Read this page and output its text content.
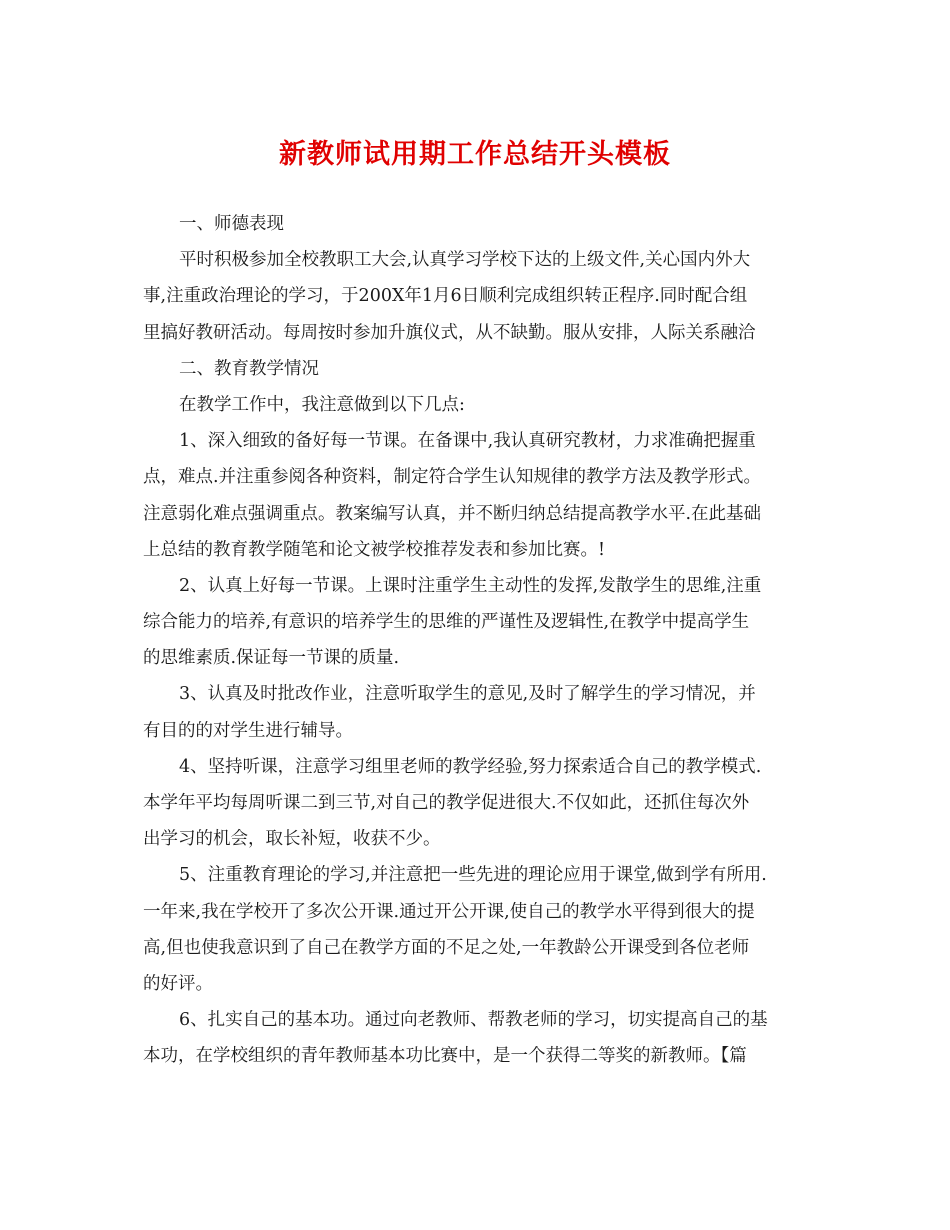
新教师试用期工作总结开头模板
一、师德表现
平时积极参加全校教职工大会,认真学习学校下达的上级文件,关心国内外大
事,注重政治理论的学习，于200X年1月6日顺利完成组织转正程序.同时配合组
里搞好教研活动。每周按时参加升旗仪式，从不缺勤。服从安排，人际关系融洽
二、教育教学情况
在教学工作中，我注意做到以下几点:
1、深入细致的备好每一节课。在备课中,我认真研究教材，力求准确把握重
点，难点.并注重参阅各种资料，制定符合学生认知规律的教学方法及教学形式。
注意弱化难点强调重点。教案编写认真，并不断归纳总结提高教学水平.在此基础
上总结的教育教学随笔和论文被学校推荐发表和参加比赛。!
2、认真上好每一节课。上课时注重学生主动性的发挥,发散学生的思维,注重
综合能力的培养,有意识的培养学生的思维的严谨性及逻辑性,在教学中提高学生
的思维素质.保证每一节课的质量.
3、认真及时批改作业，注意听取学生的意见,及时了解学生的学习情况，并
有目的的对学生进行辅导。
4、坚持听课，注意学习组里老师的教学经验,努力探索适合自己的教学模式.
本学年平均每周听课二到三节,对自己的教学促进很大.不仅如此，还抓住每次外
出学习的机会，取长补短，收获不少。
5、注重教育理论的学习,并注意把一些先进的理论应用于课堂,做到学有所用.
一年来,我在学校开了多次公开课.通过开公开课,使自己的教学水平得到很大的提
高,但也使我意识到了自己在教学方面的不足之处,一年教龄公开课受到各位老师
的好评。
6、扎实自己的基本功。通过向老教师、帮教老师的学习，切实提高自己的基
本功，在学校组织的青年教师基本功比赛中，是一个获得二等奖的新教师。【篇
